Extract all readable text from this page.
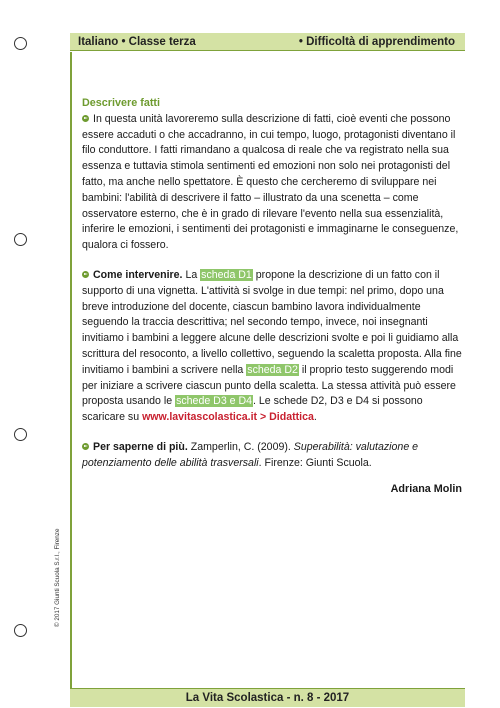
Italiano • Classe terza	• Difficoltà di apprendimento
© 2017 Giunti Scuola S.r.l., Firenze
Descrivere fatti

In questa unità lavoreremo sulla descrizione di fatti, cioè eventi che possono essere accaduti o che accadranno, in cui tempo, luogo, protagonisti diventano il filo conduttore. I fatti rimandano a qualcosa di reale che va registrato nella sua essenza e tuttavia stimola sentimenti ed emozioni non solo nei protagonisti del fatto, ma anche nello spettatore. È questo che cercheremo di sviluppare nei bambini: l'abilità di descrivere il fatto – illustrato da una scenetta – come osservatore esterno, che è in grado di rilevare l'evento nella sua essenzialità, inferire le emozioni, i sentimenti dei protagonisti e immaginarne le conseguenze, qualora ci fossero.

Come intervenire. La scheda D1 propone la descrizione di un fatto con il supporto di una vignetta. L'attività si svolge in due tempi: nel primo, dopo una breve introduzione del docente, ciascun bambino lavora individualmente seguendo la traccia descrittiva; nel secondo tempo, invece, noi insegnanti invitiamo i bambini a leggere alcune delle descrizioni svolte e poi li guidiamo alla scrittura del resoconto, a livello collettivo, seguendo la scaletta proposta. Alla fine invitiamo i bambini a scrivere nella scheda D2 il proprio testo suggerendo modi per iniziare a scrivere ciascun punto della scaletta. La stessa attività può essere proposta usando le schede D3 e D4. Le schede D2, D3 e D4 si possono scaricare su www.lavitascolastica.it > Didattica.

Per saperne di più. Zamperlin, C. (2009). Superabilità: valutazione e potenziamento delle abilità trasversali. Firenze: Giunti Scuola.

Adriana Molin
La Vita Scolastica - n. 8 - 2017
